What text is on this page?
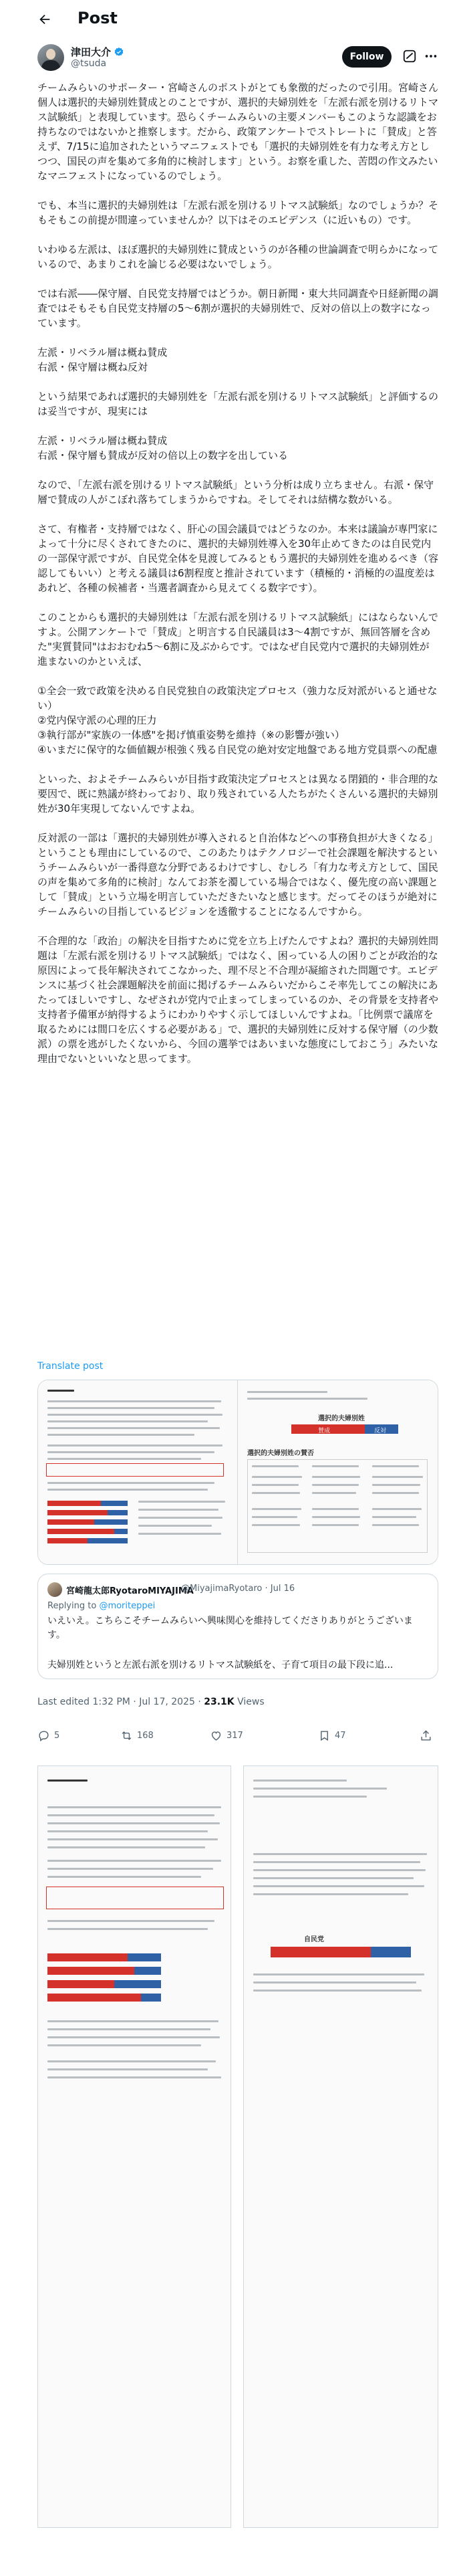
Post
津田大介
@tsuda
Follow

チームみらいのサポーター・宮崎さんのポストがとても象徴的だったので引用。宮崎さん個人は選択的夫婦別姓賛成とのことですが、選択的夫婦別姓を「左派右派を別けるリトマス試験紙」と表現しています。恐らくチームみらいの主要メンバーもこのような認識をお持ちなのではないかと推察します。だから、政策アンケートでストレートに「賛成」と答えず、7/15に追加されたというマニフェストでも「選択的夫婦別姓を有力な考え方としつつ、国民の声を集めて多角的に検討します」という。お察を重した、苦悶の作文みたいなマニフェストになっているのでしょう。

でも、本当に選択的夫婦別姓は「左派右派を別けるリトマス試験紙」なのでしょうか？そもそもこの前提が間違っていませんか？以下はそのエビデンス（に近いもの）です。

いわゆる左派は、ほぼ選択的夫婦別姓に賛成というのが各種の世論調査で明らかになっているので、あまりこれを論じる必要はないでしょう。

では右派――保守層、自民党支持層ではどうか。朝日新聞・東大共同調査や日経新聞の調査ではそもそも自民党支持層の5〜6割が選択的夫婦別姓で、反対の倍以上の数字になっています。

左派・リベラル層は概ね賛成
右派・保守層は概ね反対

という結果であれば選択的夫婦別姓を「左派右派を別けるリトマス試験紙」と評価するのは妥当ですが、現実には

左派・リベラル層は概ね賛成
右派・保守層も賛成が反対の倍以上の数字を出している

なので、「左派右派を別けるリトマス試験紙」という分析は成り立ちません。右派・保守層で賛成の人がこぼれ落ちてしまうからですね。そしてそれは結構な数がいる。

さて、有権者・支持層ではなく、肝心の国会議員ではどうなのか。本来は議論が専門家によって十分に尽くされてきたのに、選択的夫婦別姓導入を30年止めてきたのは自民党内の一部保守派ですが、自民党全体を見渡してみるともう選択的夫婦別姓を進めるべき（容認してもいい）と考える議員は6割程度と推計されています（積極的・消極的の温度差はあれど、各種の候補者・当選者調査から見えてくる数字です）。

このことからも選択的夫婦別姓は「左派右派を別けるリトマス試験紙」にはならないんですよ。公開アンケートで「賛成」と明言する自民議員は3〜4割ですが、無回答層を含めた"実質賛同"はおおむね5〜6割に及ぶからです。ではなぜ自民党内で選択的夫婦別姓が進まないのかといえば、

①全会一致で政策を決める自民党独自の政策決定プロセス（強力な反対派がいると通せない）
②党内保守派の心理的圧力
③執行部が"家族の一体感"を掲げ慎重姿勢を維持（※の影響が強い）
④いまだに保守的な価値観が根強く残る自民党の絶対安定地盤である地方党員票への配慮

といった、およそチームみらいが目指す政策決定プロセスとは異なる閉鎖的・非合理的な要因で、既に熟議が終わっており、取り残されている人たちがたくさんいる選択的夫婦別姓が30年実現してないんですよね。

反対派の一部は「選択的夫婦別姓が導入されると自治体などへの事務負担が大きくなる」ということも理由にしているので、このあたりはテクノロジーで社会課題を解決するというチームみらいが一番得意な分野であるわけですし、むしろ「有力な考え方として、国民の声を集めて多角的に検討」なんてお茶を濁している場合ではなく、優先度の高い課題として「賛成」という立場を明言していただきたいなと感じます。だってそのほうが絶対にチームみらいの目指しているビジョンを透徹することになるんですから。

不合理的な「政治」の解決を目指すために党を立ち上げたんですよね？選択的夫婦別姓問題は「左派右派を別けるリトマス試験紙」ではなく、困っている人の困りごとが政治的な原因によって長年解決されてこなかった、理不尽と不合理が凝縮された問題です。エビデンスに基づく社会課題解決を前面に掲げるチームみらいだからこそ率先してこの解決にあたってほしいですし、なぜされが党内で止まってしまっているのか、その背景を支持者や支持者予備軍が納得するようにわかりやすく示してほしいんですよね。「比例票で議席を取るためには間口を広くする必要がある」で、選択的夫婦別姓に反対する保守層（の少数派）の票を逃がしたくないから、今回の選挙ではあいまいな態度にしておこう」みたいな理由でないといいなと思ってます。

Translate post
選択的夫婦別姓
賛成	反対
選択的夫婦別姓の賛否
宮崎龍太郎RyotaroMIYAJIMA
@MiyajimaRyotaro · Jul 16
Replying to @moriteppei
いえいえ。こちらこそチームみらいへ興味関心を維持してくださりありがとうございます。
夫婦別姓というと左派右派を別けるリトマス試験紙を、子育て項目の最下段に追...
Last edited 1:32 PM · Jul 17, 2025 · 23.1K Views
5	168	317	47
自民党
